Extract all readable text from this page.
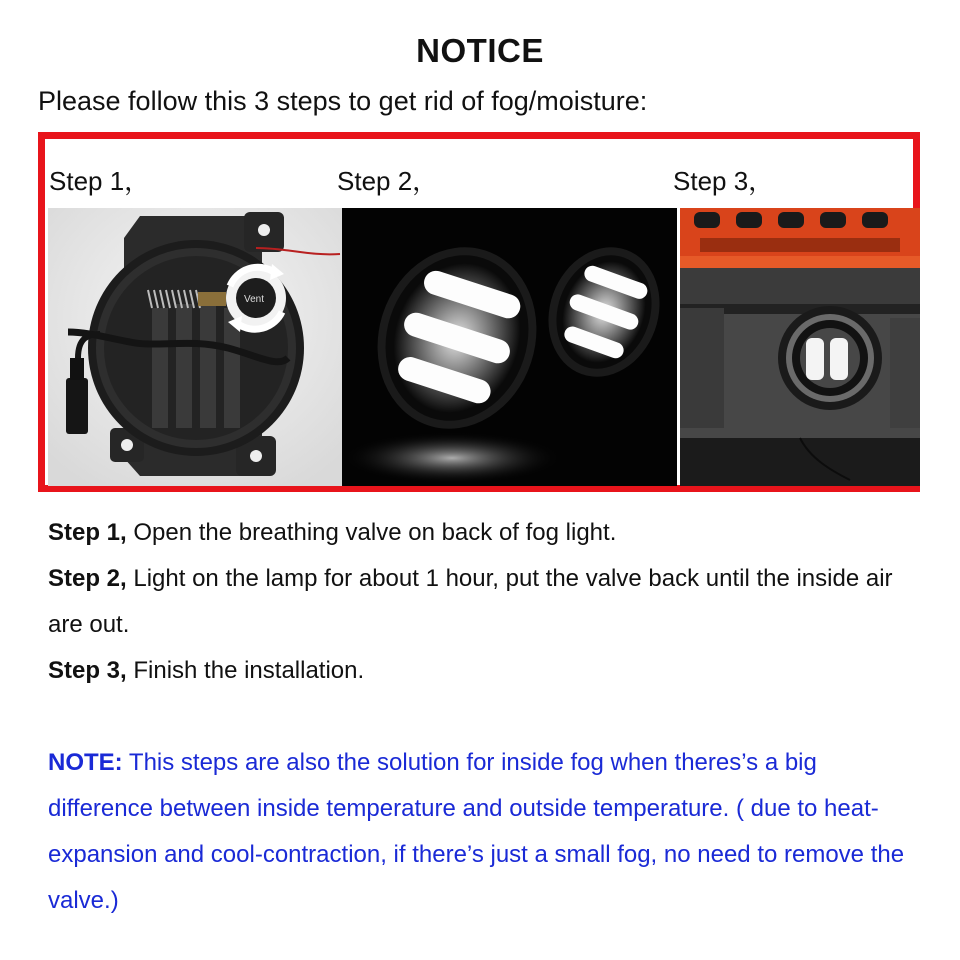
NOTICE
Please follow this 3 steps to get rid of fog/moisture:
Step 1，	Step 2，	Step 3，
Vent

Step 1, Open the breathing valve on back of fog light.

Step 2, Light on the lamp for about 1 hour, put the valve back until the inside air are out.

Step 3, Finish the installation.

NOTE: This steps are also the solution for inside fog when theres’s a big difference between inside temperature and outside temperature. ( due to heat-expansion and cool-contraction, if there’s just a small fog, no need to remove the valve.)
